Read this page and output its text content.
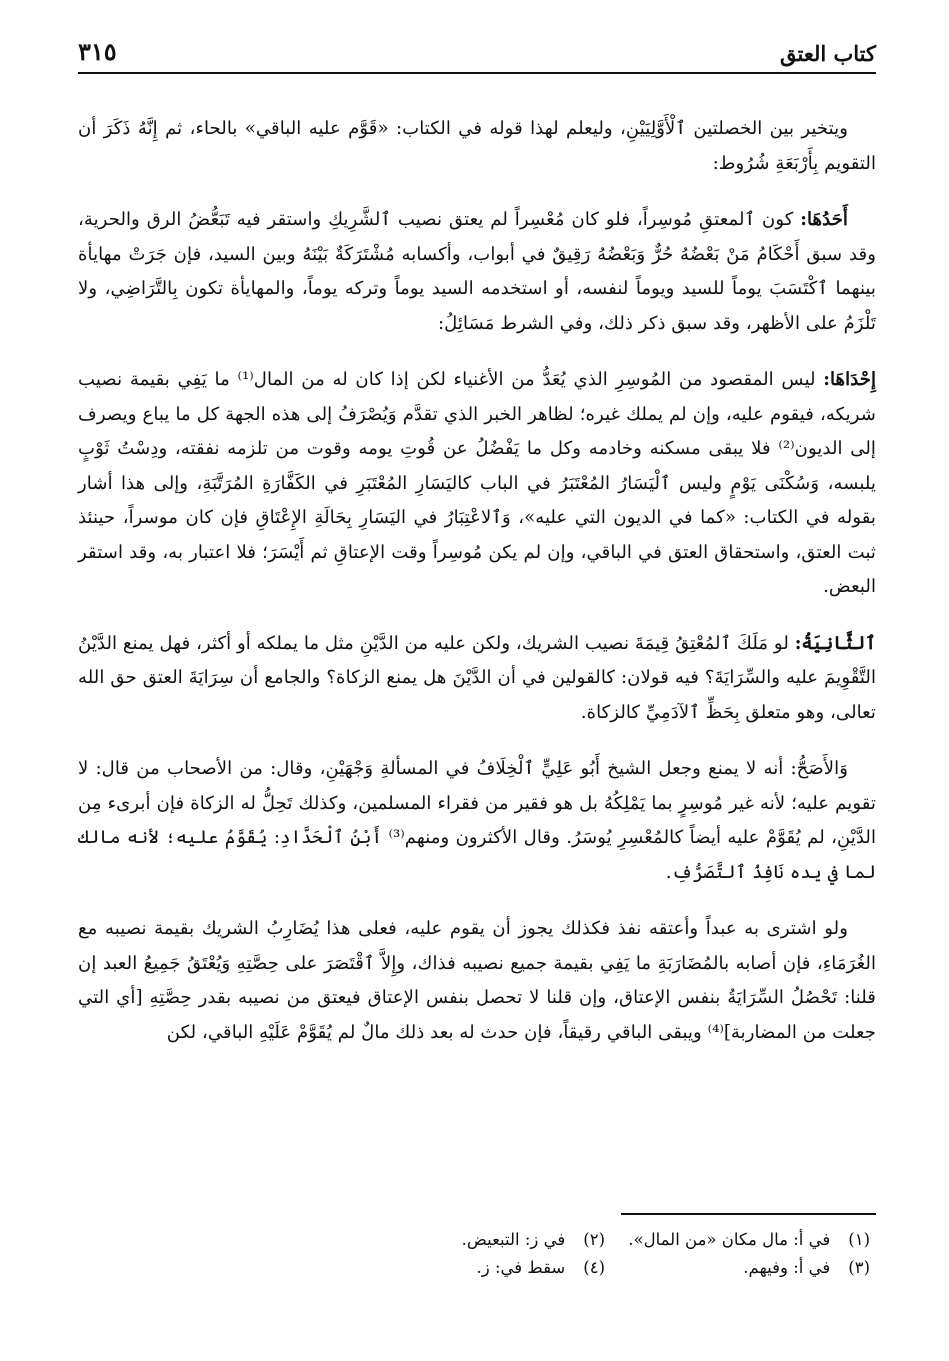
كتاب العتق
٣١٥

ويتخير بين الخصلتين ٱلْأَوَّلِيَيْنِ، وليعلم لهذا قوله في الكتاب: «قَوَّم عليه الباقي» بالحاء، ثم إِنَّهُ ذَكَرَ أن التقويم بِأَرْبَعَةِ شُرُوط:

أَحَدُهَا: كون ٱلمعتقِ مُوسِراً، فلو كان مُعْسِراً لم يعتق نصيب ٱلشَّرِيكِ واستقر فيه تَبَعُّضُ الرق والحرية، وقد سبق أَحْكَامُ مَنْ بَعْضُهُ حُرٌّ وَبَعْضُهُ رَقِيقٌ في أبواب، وأكسابه مُشْتَرَكَةٌ بَيْنَهُ وبين السيد، فإن جَرَتْ مهايأة بينهما ٱكْتَسَبَ يوماً للسيد ويوماً لنفسه، أو استخدمه السيد يوماً وتركه يوماً، والمهايأة تكون بِالتَّرَاضِي، ولا تَلْزَمُ على الأظهر، وقد سبق ذكر ذلك، وفي الشرط مَسَائِلُ:

إِحْدَاهَا: ليس المقصود من المُوسِرِ الذي يُعَدُّ من الأغنياء لكن إذا كان له من المال⁽¹⁾ ما يَفِي بقيمة نصيب شريكه، فيقوم عليه، وإن لم يملك غيره؛ لظاهر الخبر الذي تقدَّم وَيُصْرَفُ إلى هذه الجهة كل ما يباع ويصرف إلى الديون⁽²⁾ فلا يبقى مسكنه وخادمه وكل ما يَفْضُلُ عن قُوتِ يومه وقوت من تلزمه نفقته، ودِسْتُ ثَوْبٍ يلبسه، وَسُكْنَى يَوْمٍ وليس ٱلْيَسَارُ المُعْتَبَرُ في الباب كاليَسَارِ المُعْتَبَرِ في الكَفَّارَةِ المُرَتَّبَةِ، وإلى هذا أشار بقوله في الكتاب: «كما في الديون التي عليه»، وَٱلاعْتِبَارُ في اليَسَارِ بِحَالَةِ الإِعْتَاقِ فإن كان موسراً، حينئذ ثبت العتق، واستحقاق العتق في الباقي، وإن لم يكن مُوسِراً وقت الإعتاقِ ثم أَيْسَرَ؛ فلا اعتبار به، وقد استقر البعض.

ٱلثَّانِيَةُ: لو مَلَكَ ٱلمُعْتِقُ قِيمَةَ نصيب الشريك، ولكن عليه من الدَّيْنِ مثل ما يملكه أو أكثر، فهل يمنع الدَّيْنُ التَّقْوِيمَ عليه والسِّرَايَةَ؟ فيه قولان: كالقولين في أن الدَّيْنَ هل يمنع الزكاة؟ والجامع أن سِرَايَةَ العتق حق الله تعالى، وهو متعلق بِحَظِّ ٱلآدَمِيِّ كالزكاة.

وَالأَصَحُّ: أنه لا يمنع وجعل الشيخ أَبُو عَلِيٍّ ٱلْخِلَافُ في المسألةِ وَجْهَيْنِ، وقال: من الأصحاب من قال: لا تقويم عليه؛ لأنه غير مُوسِرٍ بما يَمْلِكُهُ بل هو فقير من فقراء المسلمين، وكذلك تَحِلُّ له الزكاة فإن أبرىء مِن الدَّيْنِ، لم يُقَوَّمْ عليه أيضاً كالمُعْسِرِ يُوسَرُ. وقال الأكثرون ومنهم⁽³⁾ أَبْنُ ٱلْحَدَّادِ: يُقَوَّمُ عليه؛ لأنه مالك لما في يده نَافِذُ ٱلتَّصَرُّفِ.

ولو اشترى به عبداً وأعتقه نفذ فكذلك يجوز أن يقوم عليه، فعلى هذا يُضَارِبُ الشريك بقيمة نصيبه مع الغُرَمَاءِ، فإن أصابه بالمُضَارَبَةِ ما يَفِي بقيمة جميع نصيبه فذاك، وإِلاَّ ٱقْتَصَرَ على حِصَّتِهِ وَيُعْتَقُ جَمِيعُ العبد إن قلنا: تَحْصُلُ السِّرَايَةُ بنفس الإعتاق، وإن قلنا لا تحصل بنفس الإعتاق فيعتق من نصيبه بقدر حِصَّتِهِ [أي التي جعلت من المضاربة]⁽⁴⁾ ويبقى الباقي رقيقاً، فإن حدث له بعد ذلك مالٌ لم يُقَوَّمْ عَلَيْهِ الباقي، لكن

(١)في أ: مال مكان «من المال».
(٢)في ز: التبعيض.
(٣)في أ: وفيهم.
(٤)سقط في: ز.
